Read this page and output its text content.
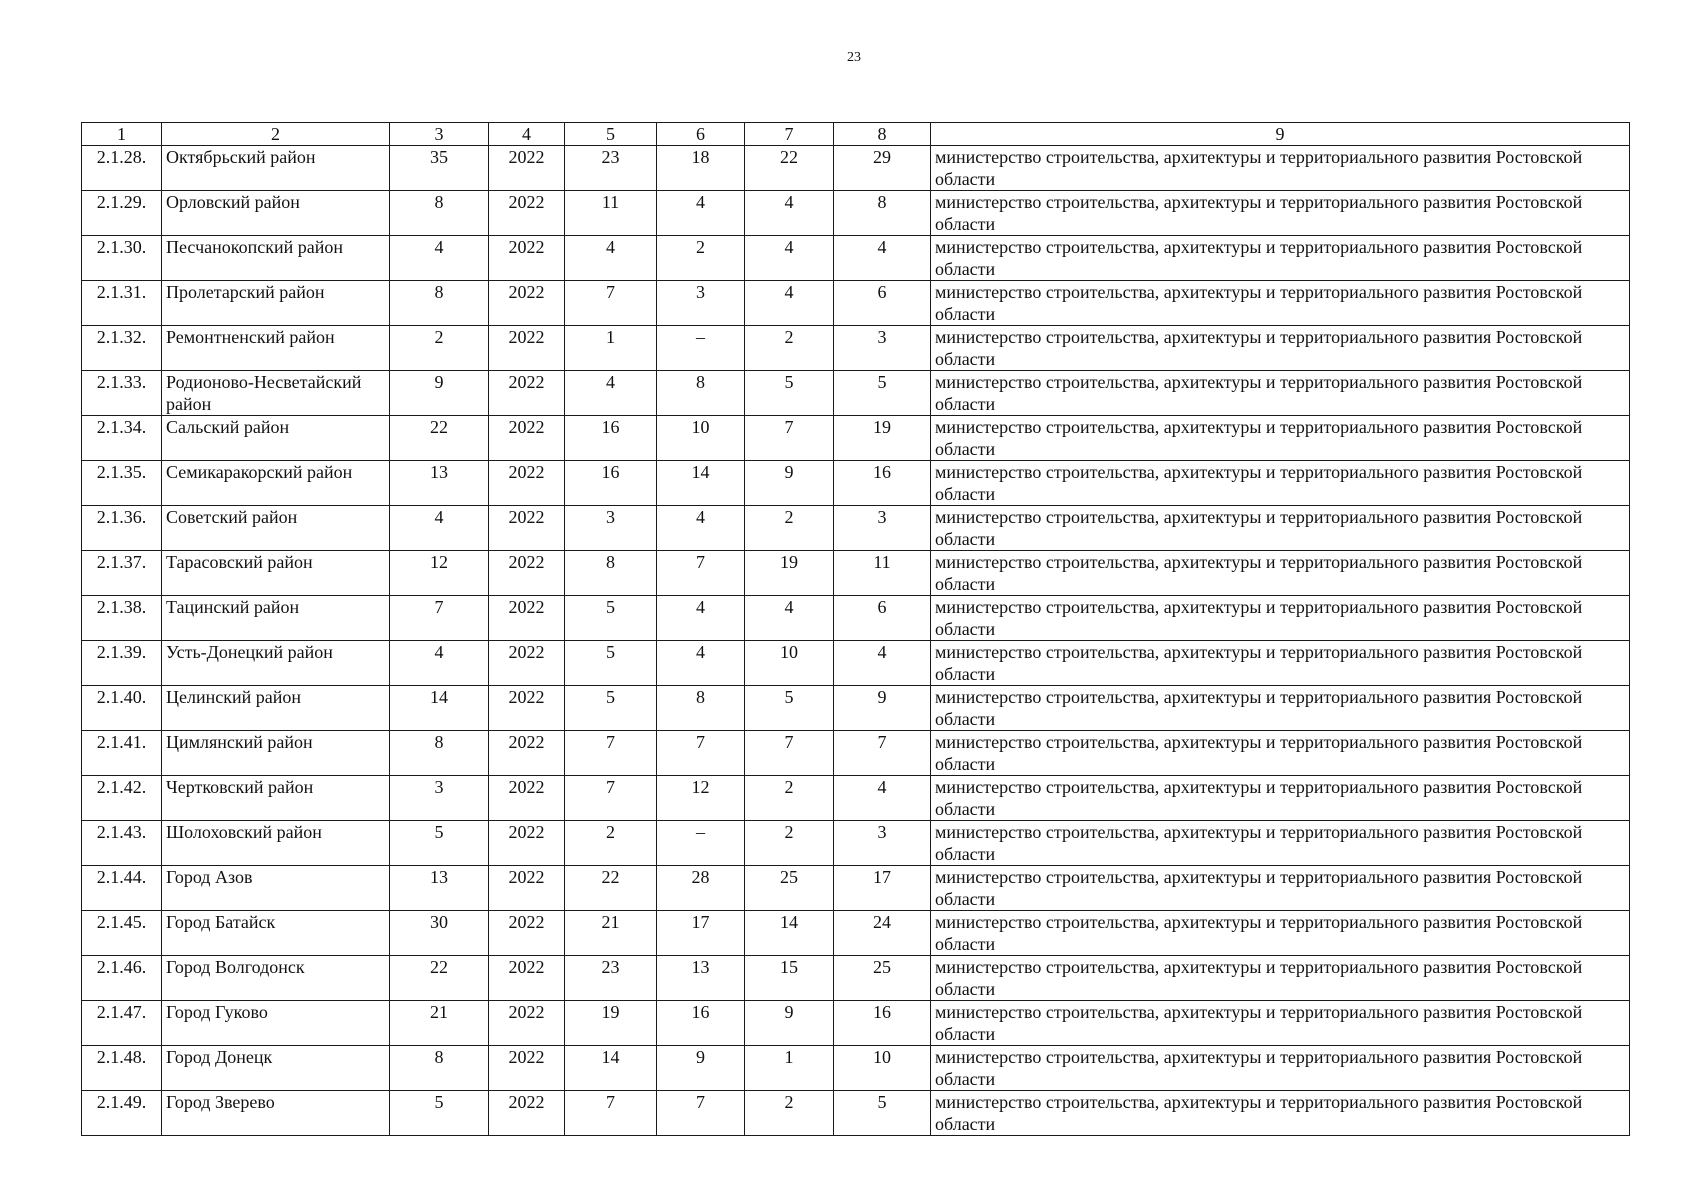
23
1	2	3	4	5	6	7	8	9
2.1.28.	Октябрьский район	35	2022	23	18	22	29	министерство строительства, архитектуры и территориального развития Ростовской области
2.1.29.	Орловский район	8	2022	11	4	4	8	министерство строительства, архитектуры и территориального развития Ростовской области
2.1.30.	Песчанокопский район	4	2022	4	2	4	4	министерство строительства, архитектуры и территориального развития Ростовской области
2.1.31.	Пролетарский район	8	2022	7	3	4	6	министерство строительства, архитектуры и территориального развития Ростовской области
2.1.32.	Ремонтненский район	2	2022	1	–	2	3	министерство строительства, архитектуры и территориального развития Ростовской области
2.1.33.	Родионово-Несветайский район	9	2022	4	8	5	5	министерство строительства, архитектуры и территориального развития Ростовской области
2.1.34.	Сальский район	22	2022	16	10	7	19	министерство строительства, архитектуры и территориального развития Ростовской области
2.1.35.	Семикаракорский район	13	2022	16	14	9	16	министерство строительства, архитектуры и территориального развития Ростовской области
2.1.36.	Советский район	4	2022	3	4	2	3	министерство строительства, архитектуры и территориального развития Ростовской области
2.1.37.	Тарасовский район	12	2022	8	7	19	11	министерство строительства, архитектуры и территориального развития Ростовской области
2.1.38.	Тацинский район	7	2022	5	4	4	6	министерство строительства, архитектуры и территориального развития Ростовской области
2.1.39.	Усть-Донецкий район	4	2022	5	4	10	4	министерство строительства, архитектуры и территориального развития Ростовской области
2.1.40.	Целинский район	14	2022	5	8	5	9	министерство строительства, архитектуры и территориального развития Ростовской области
2.1.41.	Цимлянский район	8	2022	7	7	7	7	министерство строительства, архитектуры и территориального развития Ростовской области
2.1.42.	Чертковский район	3	2022	7	12	2	4	министерство строительства, архитектуры и территориального развития Ростовской области
2.1.43.	Шолоховский район	5	2022	2	–	2	3	министерство строительства, архитектуры и территориального развития Ростовской области
2.1.44.	Город Азов	13	2022	22	28	25	17	министерство строительства, архитектуры и территориального развития Ростовской области
2.1.45.	Город Батайск	30	2022	21	17	14	24	министерство строительства, архитектуры и территориального развития Ростовской области
2.1.46.	Город Волгодонск	22	2022	23	13	15	25	министерство строительства, архитектуры и территориального развития Ростовской области
2.1.47.	Город Гуково	21	2022	19	16	9	16	министерство строительства, архитектуры и территориального развития Ростовской области
2.1.48.	Город Донецк	8	2022	14	9	1	10	министерство строительства, архитектуры и территориального развития Ростовской области
2.1.49.	Город Зверево	5	2022	7	7	2	5	министерство строительства, архитектуры и территориального развития Ростовской области
